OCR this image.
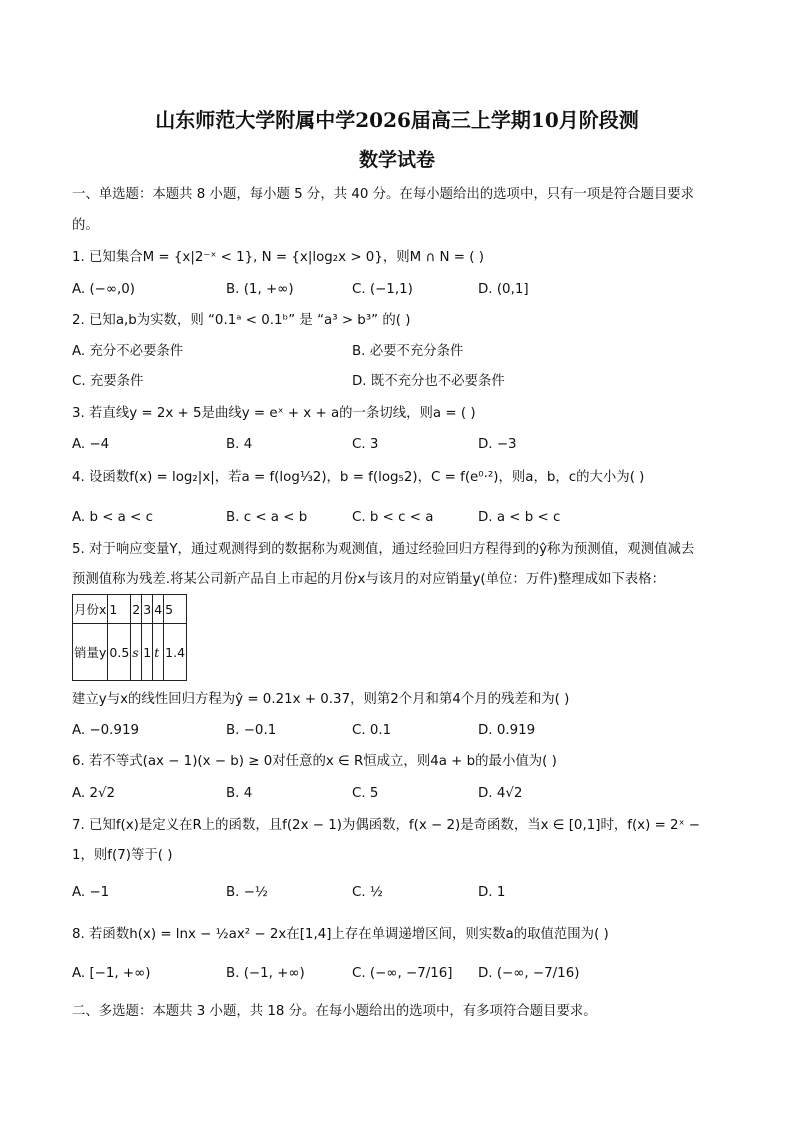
山东师范大学附属中学2026届高三上学期10月阶段测
数学试卷
一、单选题：本题共 8 小题，每小题 5 分，共 40 分。在每小题给出的选项中，只有一项是符合题目要求
的。
1. 已知集合M = {x|2⁻ˣ < 1}, N = {x|log₂x > 0}，则M ∩ N = ( )
A. (−∞,0)	B. (1, +∞)	C. (−1,1)	D. (0,1]
2. 已知a,b为实数，则 “0.1ᵃ < 0.1ᵇ” 是 “a³ > b³” 的( )
A. 充分不必要条件	B. 必要不充分条件
C. 充要条件	D. 既不充分也不必要条件
3. 若直线y = 2x + 5是曲线y = eˣ + x + a的一条切线，则a = ( )
A. −4	B. 4	C. 3	D. −3
4. 设函数f(x) = log₂|x|，若a = f(log⅓2)，b = f(log₅2)，C = f(e⁰·²)，则a，b，c的大小为( )
A. b < a < c	B. c < a < b	C. b < c < a	D. a < b < c
5. 对于响应变量Y，通过观测得到的数据称为观测值，通过经验回归方程得到的ŷ称为预测值，观测值减去
预测值称为残差.将某公司新产品自上市起的月份x与该月的对应销量y(单位：万件)整理成如下表格：
月份x	1	2	3	4	5
销量y	0.5	s	1	t	1.4
建立y与x的线性回归方程为ŷ = 0.21x + 0.37，则第2个月和第4个月的残差和为( )
A. −0.919	B. −0.1	C. 0.1	D. 0.919
6. 若不等式(ax − 1)(x − b) ≥ 0对任意的x ∈ R恒成立，则4a + b的最小值为( )
A. 2√2	B. 4	C. 5	D. 4√2
7. 已知f(x)是定义在R上的函数，且f(2x − 1)为偶函数，f(x − 2)是奇函数，当x ∈ [0,1]时，f(x) = 2ˣ −
1，则f(7)等于( )
A. −1	B. −½	C. ½	D. 1
8. 若函数h(x) = lnx − ½ax² − 2x在[1,4]上存在单调递增区间，则实数a的取值范围为( )
A. [−1, +∞)	B. (−1, +∞)	C. (−∞, −7/16] D. (−∞, −7/16)
二、多选题：本题共 3 小题，共 18 分。在每小题给出的选项中，有多项符合题目要求。
